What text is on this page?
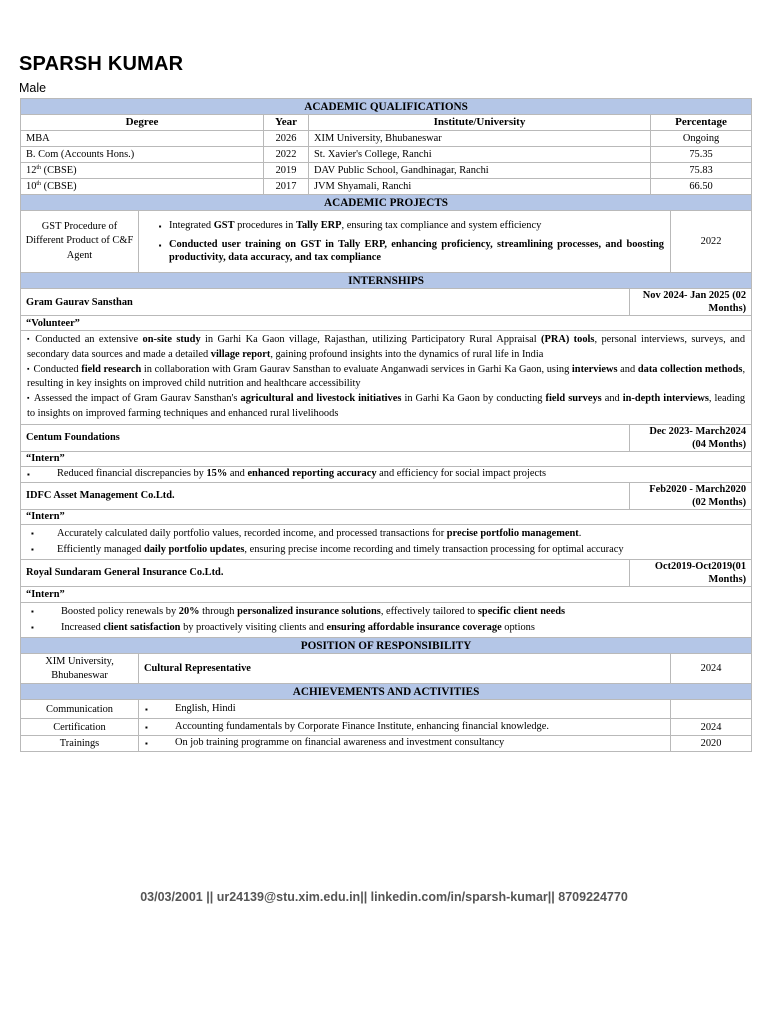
SPARSH KUMAR
Male
ACADEMIC QUALIFICATIONS						
Degree		Year	Institute/University		Percentage	
MBA		2026	XIM University, Bhubaneswar		Ongoing	
B. Com (Accounts Hons.)		2022	St. Xavier's College, Ranchi		75.35	
12th (CBSE)		2019	DAV Public School, Gandhinagar, Ranchi		75.83	
10th (CBSE)		2017	JVM Shyamali, Ranchi		66.50	
ACADEMIC PROJECTS						
GST Procedure of Different Product of C&F Agent	▪ Integrated GST procedures in Tally ERP, ensuring tax compliance and system efficiency
▪ Conducted user training on GST in Tally ERP, enhancing proficiency, streamlining processes, and boosting productivity, data accuracy, and tax compliance					2022
INTERNSHIPS						
Gram Gaurav Sansthan				Nov 2024- Jan 2025 (02 Months)		
“Volunteer”						

▪ Conducted an extensive on-site study in Garhi Ka Gaon village, Rajasthan, utilizing Participatory Rural Appraisal (PRA) tools, personal interviews, surveys, and secondary data sources and made a detailed village report, gaining profound insights into the dynamics of rural life in India
▪ Conducted field research in collaboration with Gram Gaurav Sansthan to evaluate Anganwadi services in Garhi Ka Gaon, using interviews and data collection methods, resulting in key insights on improved child nutrition and healthcare accessibility
▪ Assessed the impact of Gram Gaurav Sansthan's agricultural and livestock initiatives in Garhi Ka Gaon by conducting field surveys and in-depth interviews, leading to insights on improved farming techniques and enhanced rural livelihoods						

Centum Foundations				Dec 2023- March2024 (04 Months)		
“Intern”						

▪ Reduced financial discrepancies by 15% and enhanced reporting accuracy and efficiency for social impact projects						

IDFC Asset Management Co.Ltd.				Feb2020 - March2020 (02 Months)		
“Intern”						

▪ Accurately calculated daily portfolio values, recorded income, and processed transactions for precise portfolio management.
▪ Efficiently managed daily portfolio updates, ensuring precise income recording and timely transaction processing for optimal accuracy						

Royal Sundaram General Insurance Co.Ltd.				Oct2019-Oct2019(01 Months)		
“Intern”						

▪ Boosted policy renewals by 20% through personalized insurance solutions, effectively tailored to specific client needs
▪ Increased client satisfaction by proactively visiting clients and ensuring affordable insurance coverage options						

POSITION OF RESPONSIBILITY						
XIM University, Bhubaneswar	Cultural Representative					2024
ACHIEVEMENTS AND ACTIVITIES						
Communication	▪ English, Hindi					

Certification	▪ Accounting fundamentals by Corporate Finance Institute, enhancing financial knowledge.					2024
Trainings	▪ On job training programme on financial awareness and investment consultancy					2020
03/03/2001 || ur24139@stu.xim.edu.in|| linkedin.com/in/sparsh-kumar|| 8709224770
